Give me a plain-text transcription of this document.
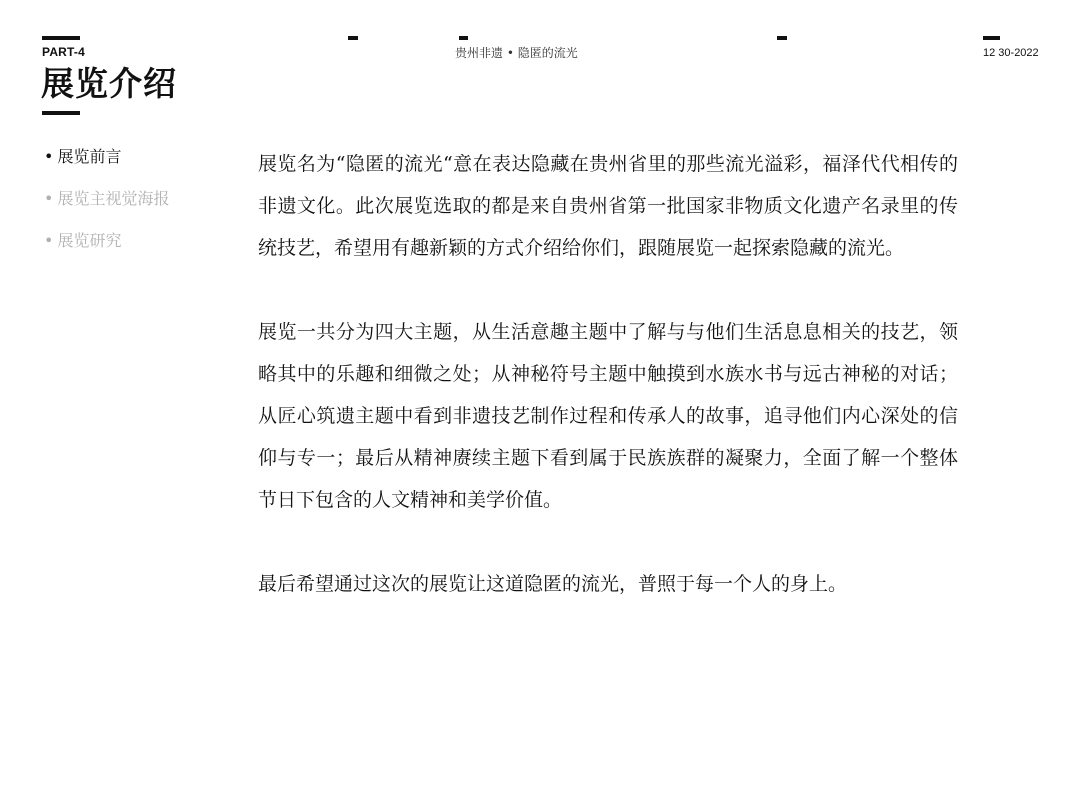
PART-4	贵州非遗 • 隐匿的流光	12 30-2022
展览介绍
• 展览前言
• 展览主视觉海报
• 展览研究

展览名为“隐匿的流光“意在表达隐藏在贵州省里的那些流光溢彩，福泽代代相传的非遗文化。此次展览选取的都是来自贵州省第一批国家非物质文化遗产名录里的传统技艺，希望用有趣新颖的方式介绍给你们，跟随展览一起探索隐藏的流光。

展览一共分为四大主题，从生活意趣主题中了解与与他们生活息息相关的技艺，领略其中的乐趣和细微之处；从神秘符号主题中触摸到水族水书与远古神秘的对话；从匠心筑遗主题中看到非遗技艺制作过程和传承人的故事，追寻他们内心深处的信仰与专一；最后从精神赓续主题下看到属于民族族群的凝聚力，全面了解一个整体节日下包含的人文精神和美学价值。

最后希望通过这次的展览让这道隐匿的流光，普照于每一个人的身上。
